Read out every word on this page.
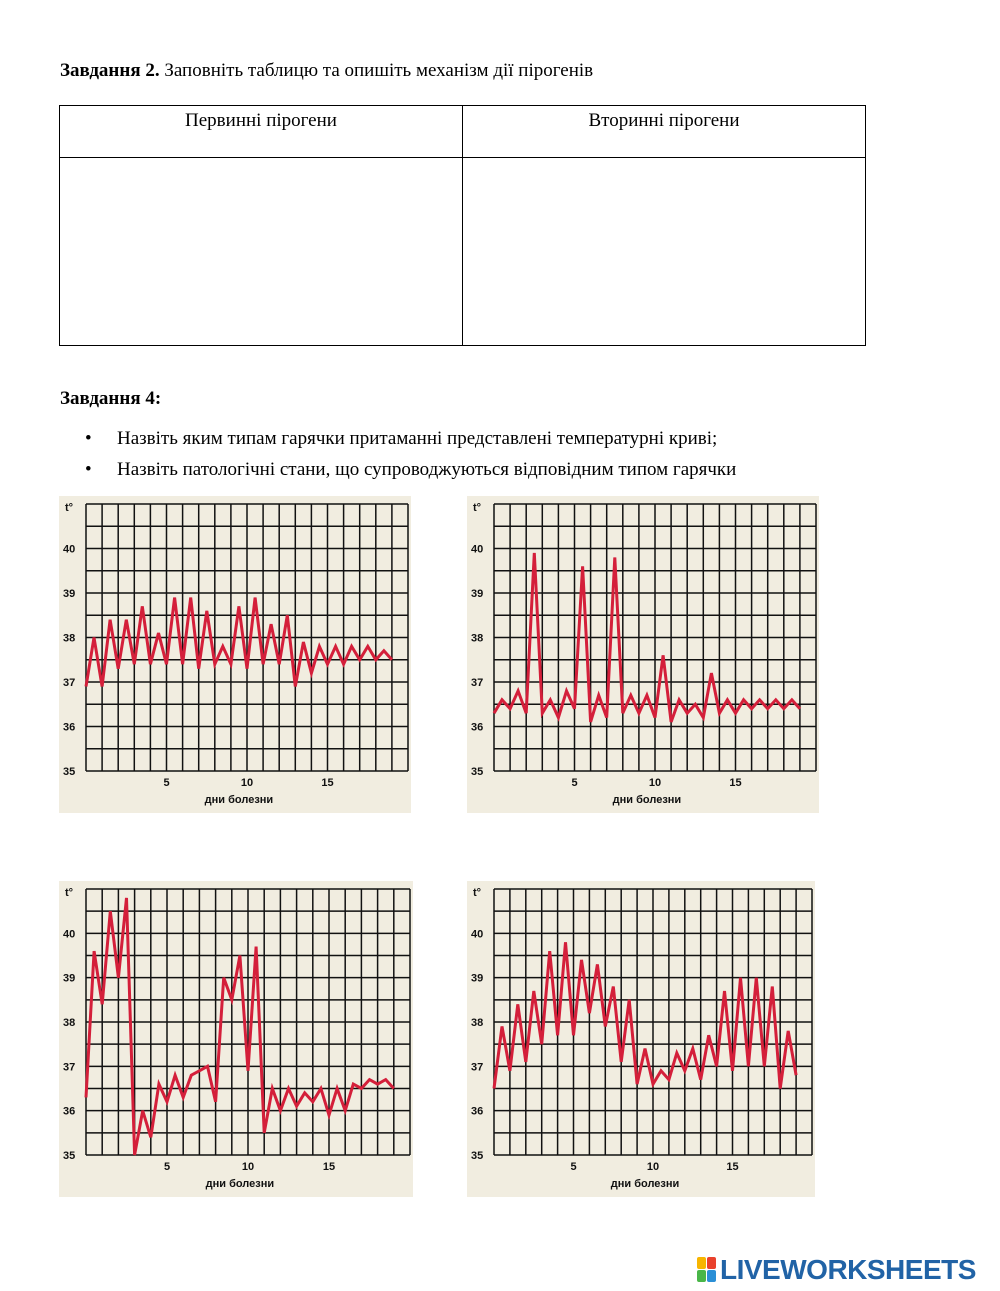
Завдання 2. Заповніть таблицю та опишіть механізм дії пірогенів
Первинні пірогени	Вторинні пірогени

Завдання 4:
• Назвіть яким типам гарячки притаманні представлені температурні криві;
• Назвіть патологічні стани, що супроводжуються відповідним типом гарячки
t°
35
36
37
38
39
40
5	10	15
дни болезни
t°
35
36
37
38
39
40
5	10	15
дни болезни
t°
35
36
37
38
39
40
5	10	15
дни болезни
t°
35
36
37
38
39
40
5	10	15
дни болезни
LIVEWORKSHEETS
